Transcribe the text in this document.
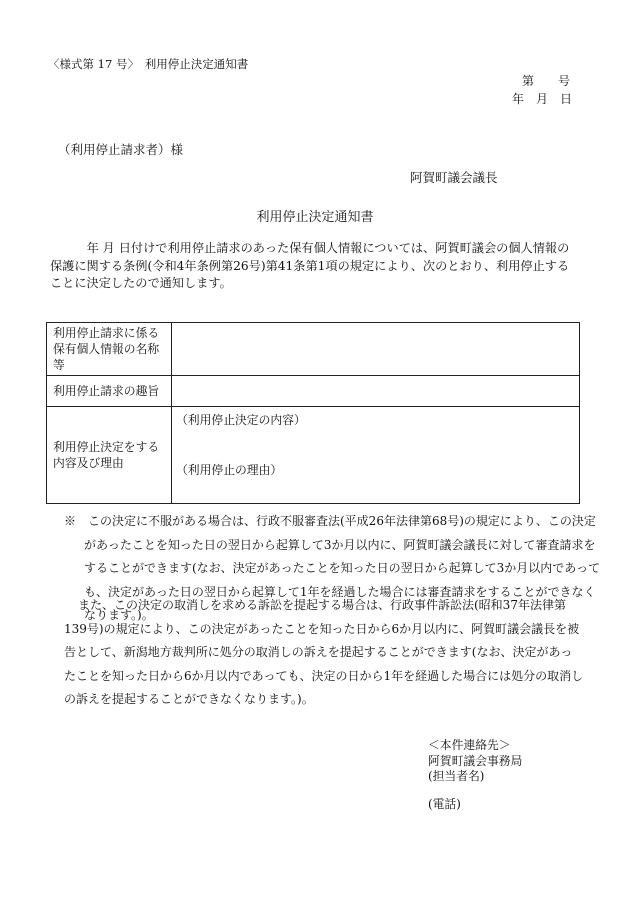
〈様式第 17 号〉　利用停止決定通知書
第　　号
年　月　日
（利用停止請求者）様
阿賀町議会議長
利用停止決定通知書
年 月 日付けで利用停止請求のあった保有個人情報については、阿賀町議会の個人情報の保護に関する条例(令和4年条例第26号)第41条第1項の規定により、次のとおり、利用停止することに決定したので通知します。
利用停止請求に係る保有個人情報の名称等	
利用停止請求の趣旨	
利用停止決定をする内容及び理由	（利用停止決定の内容）
（利用停止の理由）
※　この決定に不服がある場合は、行政不服審査法(平成26年法律第68号)の規定により、この決定があったことを知った日の翌日から起算して3か月以内に、阿賀町議会議長に対して審査請求をすることができます(なお、決定があったことを知った日の翌日から起算して3か月以内であっても、決定があった日の翌日から起算して1年を経過した場合には審査請求をすることができなくなります。)。
また、この決定の取消しを求める訴訟を提起する場合は、行政事件訴訟法(昭和37年法律第139号)の規定により、この決定があったことを知った日から6か月以内に、阿賀町議会議長を被告として、新潟地方裁判所に処分の取消しの訴えを提起することができます(なお、決定があったことを知った日から6か月以内であっても、決定の日から1年を経過した場合には処分の取消しの訴えを提起することができなくなります。)。
＜本件連絡先＞
阿賀町議会事務局
(担当者名)
(電話)
